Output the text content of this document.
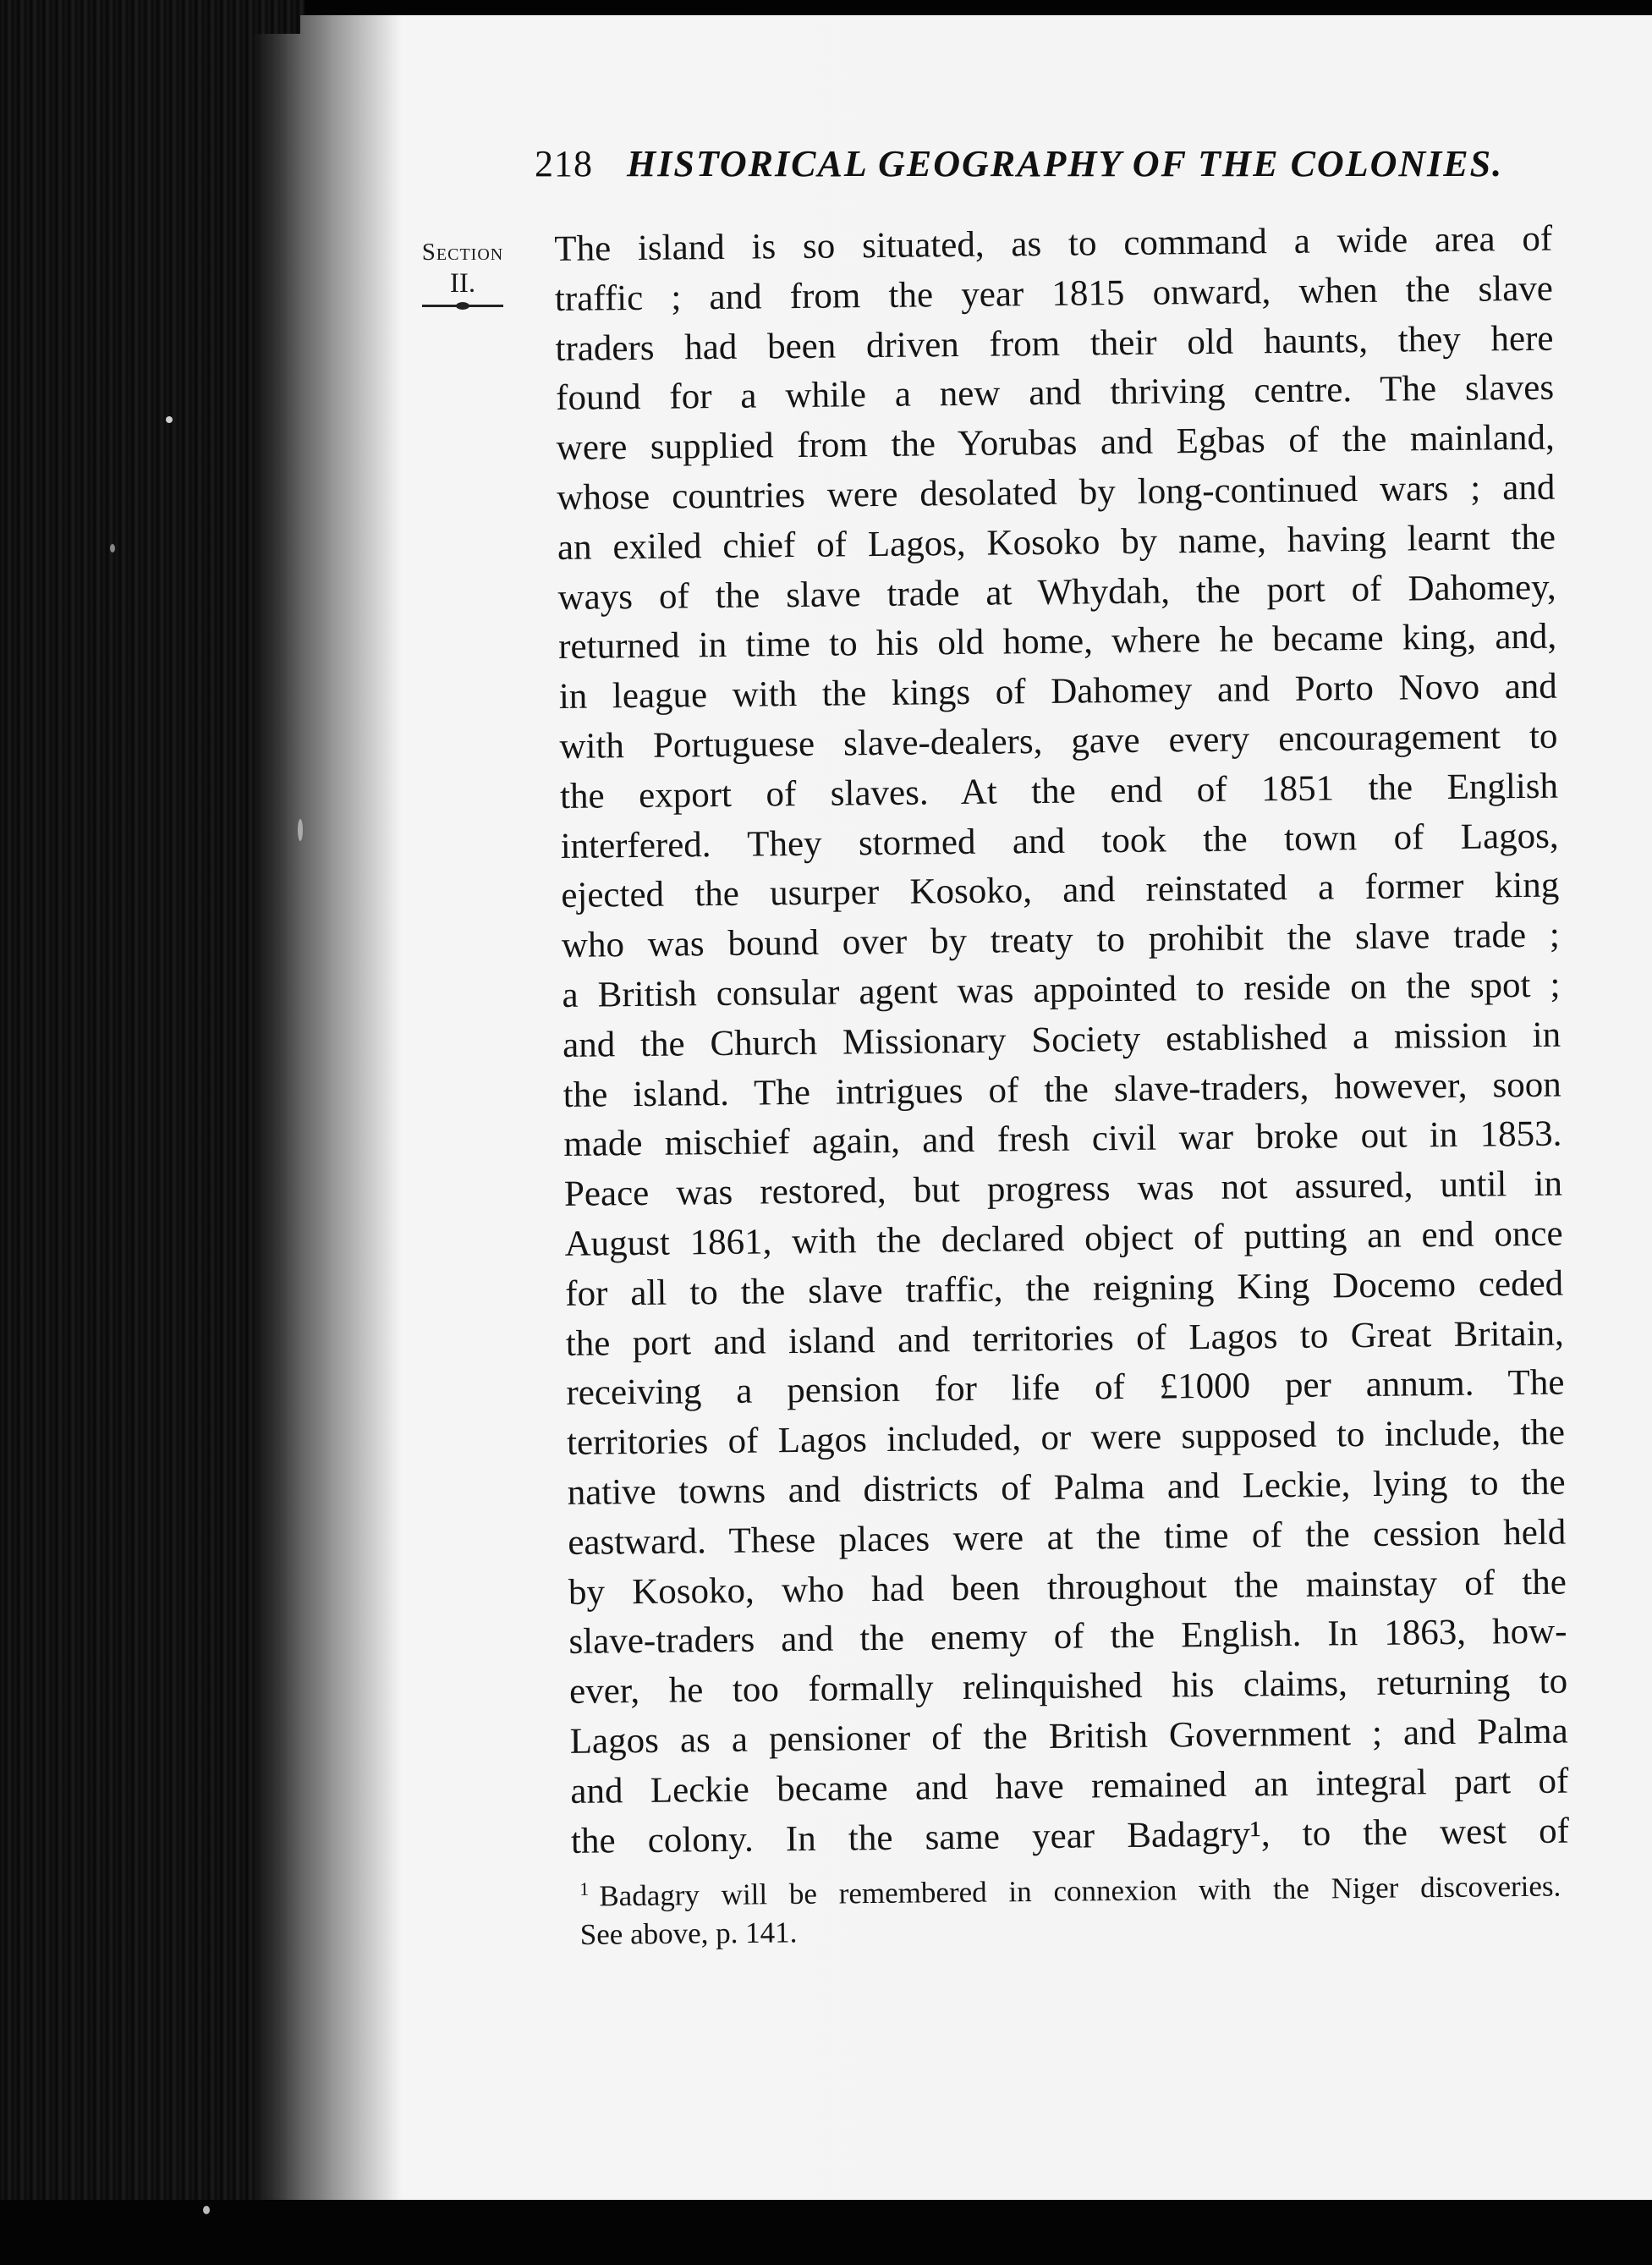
218 HISTORICAL GEOGRAPHY OF THE COLONIES.
Section
II.
The island is so situated, as to command a wide area of
traffic ; and from the year 1815 onward, when the slave
traders had been driven from their old haunts, they here
found for a while a new and thriving centre. The slaves
were supplied from the Yorubas and Egbas of the mainland,
whose countries were desolated by long-continued wars ; and
an exiled chief of Lagos, Kosoko by name, having learnt the
ways of the slave trade at Whydah, the port of Dahomey,
returned in time to his old home, where he became king, and,
in league with the kings of Dahomey and Porto Novo and
with Portuguese slave-dealers, gave every encouragement to
the export of slaves. At the end of 1851 the English
interfered. They stormed and took the town of Lagos,
ejected the usurper Kosoko, and reinstated a former king
who was bound over by treaty to prohibit the slave trade ;
a British consular agent was appointed to reside on the spot ;
and the Church Missionary Society established a mission in
the island. The intrigues of the slave-traders, however, soon
made mischief again, and fresh civil war broke out in 1853.
Peace was restored, but progress was not assured, until in
August 1861, with the declared object of putting an end once
for all to the slave traffic, the reigning King Docemo ceded
the port and island and territories of Lagos to Great Britain,
receiving a pension for life of £1000 per annum. The
territories of Lagos included, or were supposed to include, the
native towns and districts of Palma and Leckie, lying to the
eastward. These places were at the time of the cession held
by Kosoko, who had been throughout the mainstay of the
slave-traders and the enemy of the English. In 1863, how-
ever, he too formally relinquished his claims, returning to
Lagos as a pensioner of the British Government ; and Palma
and Leckie became and have remained an integral part of
the colony. In the same year Badagry¹, to the west of
$^1$ Badagry will be remembered in connexion with the Niger discoveries.
See above, p. 141.
